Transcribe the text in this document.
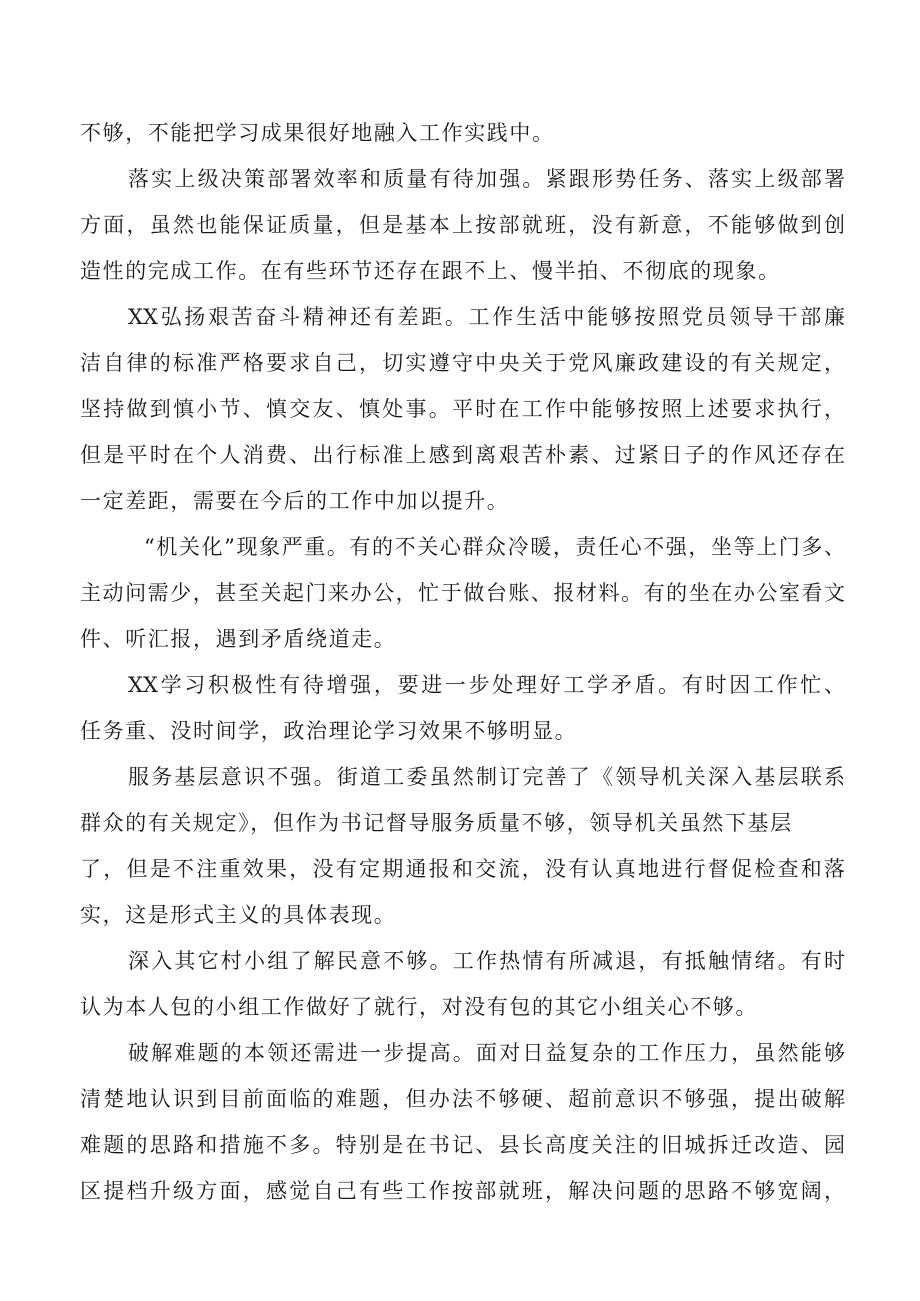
不够，不能把学习成果很好地融入工作实践中。
落实上级决策部署效率和质量有待加强。紧跟形势任务、落实上级部署
方面，虽然也能保证质量，但是基本上按部就班，没有新意，不能够做到创
造性的完成工作。在有些环节还存在跟不上、慢半拍、不彻底的现象。
XX弘扬艰苦奋斗精神还有差距。工作生活中能够按照党员领导干部廉
洁自律的标准严格要求自己，切实遵守中央关于党风廉政建设的有关规定，
坚持做到慎小节、慎交友、慎处事。平时在工作中能够按照上述要求执行，
但是平时在个人消费、出行标准上感到离艰苦朴素、过紧日子的作风还存在
一定差距，需要在今后的工作中加以提升。
“机关化”现象严重。有的不关心群众冷暖，责任心不强，坐等上门多、
主动问需少，甚至关起门来办公，忙于做台账、报材料。有的坐在办公室看文
件、听汇报，遇到矛盾绕道走。
XX学习积极性有待增强，要进一步处理好工学矛盾。有时因工作忙、
任务重、没时间学，政治理论学习效果不够明显。
服务基层意识不强。街道工委虽然制订完善了《领导机关深入基层联系
群众的有关规定》，但作为书记督导服务质量不够，领导机关虽然下基层
了，但是不注重效果，没有定期通报和交流，没有认真地进行督促检查和落
实，这是形式主义的具体表现。
深入其它村小组了解民意不够。工作热情有所减退，有抵触情绪。有时
认为本人包的小组工作做好了就行，对没有包的其它小组关心不够。
破解难题的本领还需进一步提高。面对日益复杂的工作压力，虽然能够
清楚地认识到目前面临的难题，但办法不够硬、超前意识不够强，提出破解
难题的思路和措施不多。特别是在书记、县长高度关注的旧城拆迁改造、园
区提档升级方面，感觉自己有些工作按部就班，解决问题的思路不够宽阔，
